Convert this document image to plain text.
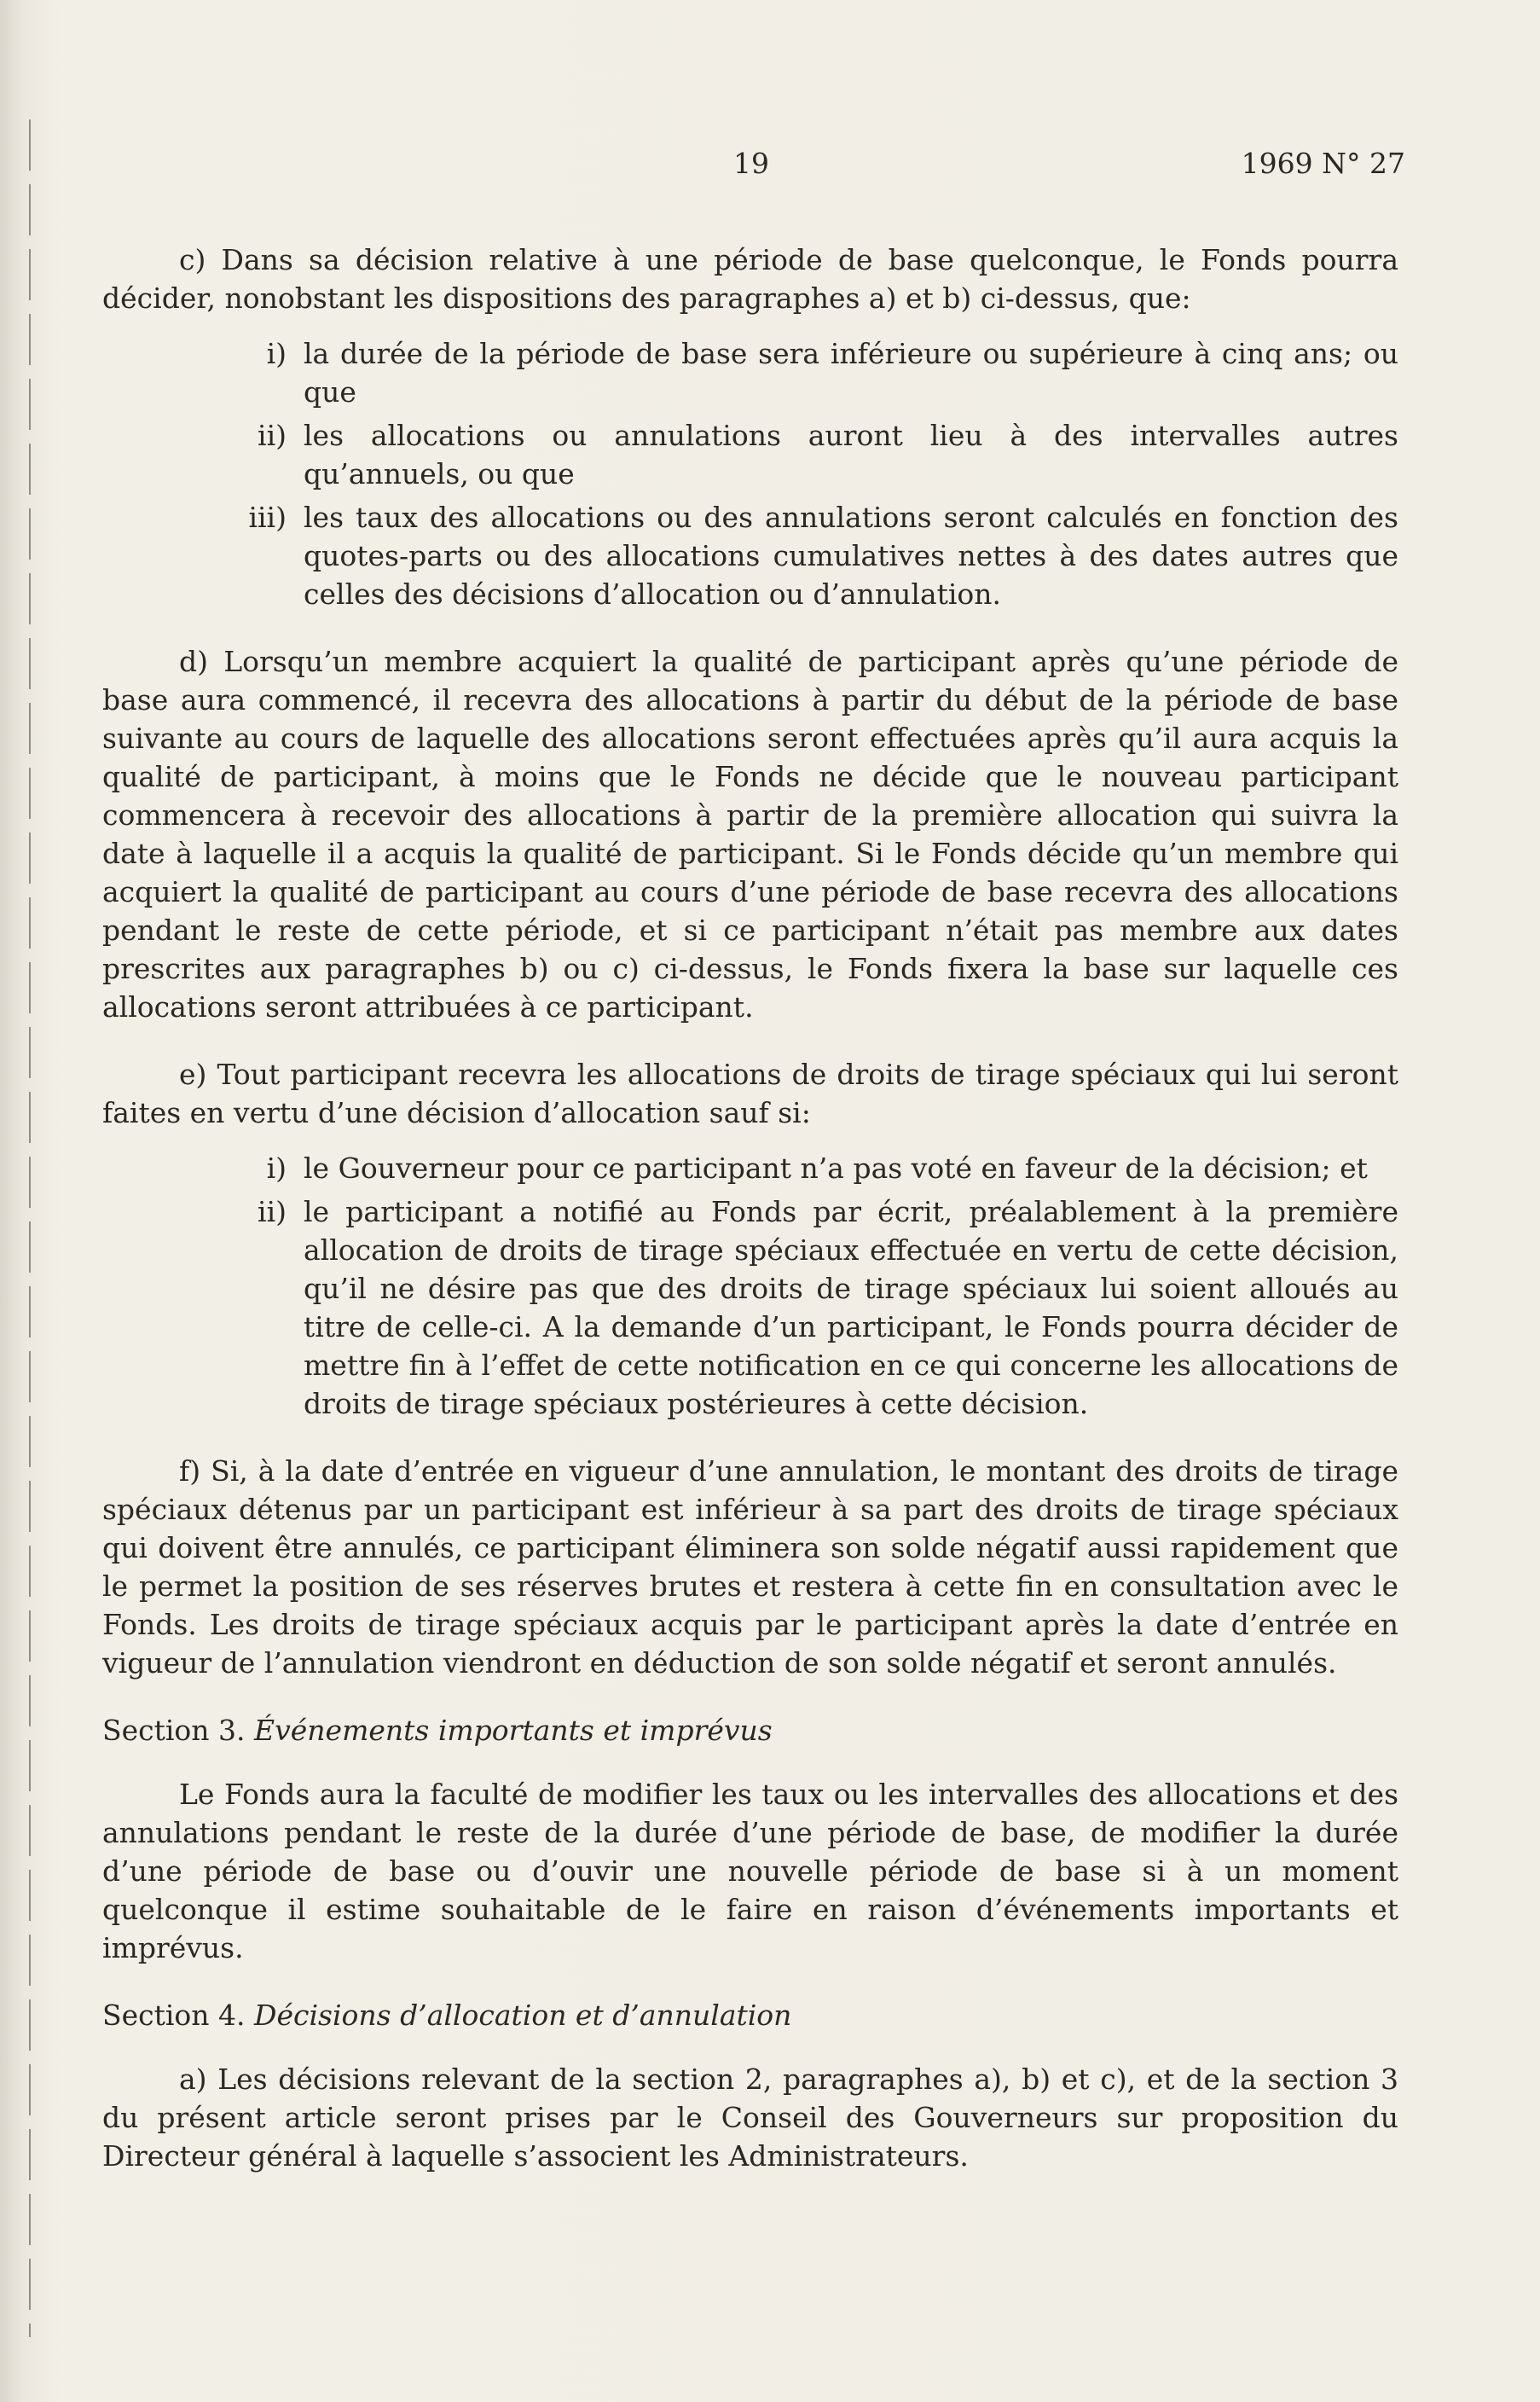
19	1969 N° 27

c) Dans sa décision relative à une période de base quelconque, le Fonds pourra décider, nonobstant les dispositions des paragraphes a) et b) ci-dessus, que:

i) la durée de la période de base sera inférieure ou supérieure à cinq ans; ou que
ii) les allocations ou annulations auront lieu à des intervalles autres qu’annuels, ou que
iii) les taux des allocations ou des annulations seront calculés en fonction des quotes-parts ou des allocations cumulatives nettes à des dates autres que celles des décisions d’allocation ou d’annulation.

d) Lorsqu’un membre acquiert la qualité de participant après qu’une période de base aura commencé, il recevra des allocations à partir du début de la période de base suivante au cours de laquelle des allocations seront effectuées après qu’il aura acquis la qualité de participant, à moins que le Fonds ne décide que le nouveau participant commencera à recevoir des allocations à partir de la première allocation qui suivra la date à laquelle il a acquis la qualité de participant. Si le Fonds décide qu’un membre qui acquiert la qualité de participant au cours d’une période de base recevra des allocations pendant le reste de cette période, et si ce participant n’était pas membre aux dates prescrites aux paragraphes b) ou c) ci-dessus, le Fonds fixera la base sur laquelle ces allocations seront attribuées à ce participant.

e) Tout participant recevra les allocations de droits de tirage spéciaux qui lui seront faites en vertu d’une décision d’allocation sauf si:

i) le Gouverneur pour ce participant n’a pas voté en faveur de la décision; et
ii) le participant a notifié au Fonds par écrit, préalablement à la première allocation de droits de tirage spéciaux effectuée en vertu de cette décision, qu’il ne désire pas que des droits de tirage spéciaux lui soient alloués au titre de celle-ci. A la demande d’un participant, le Fonds pourra décider de mettre fin à l’effet de cette notification en ce qui concerne les allocations de droits de tirage spéciaux postérieures à cette décision.

f) Si, à la date d’entrée en vigueur d’une annulation, le montant des droits de tirage spéciaux détenus par un participant est inférieur à sa part des droits de tirage spéciaux qui doivent être annulés, ce participant éliminera son solde négatif aussi rapidement que le permet la position de ses réserves brutes et restera à cette fin en consultation avec le Fonds. Les droits de tirage spéciaux acquis par le participant après la date d’entrée en vigueur de l’annulation viendront en déduction de son solde négatif et seront annulés.

Section 3. Événements importants et imprévus

Le Fonds aura la faculté de modifier les taux ou les intervalles des allocations et des annulations pendant le reste de la durée d’une période de base, de modifier la durée d’une période de base ou d’ouvir une nouvelle période de base si à un moment quelconque il estime souhaitable de le faire en raison d’événements importants et imprévus.

Section 4. Décisions d’allocation et d’annulation

a) Les décisions relevant de la section 2, paragraphes a), b) et c), et de la section 3 du présent article seront prises par le Conseil des Gouverneurs sur proposition du Directeur général à laquelle s’associent les Administrateurs.
